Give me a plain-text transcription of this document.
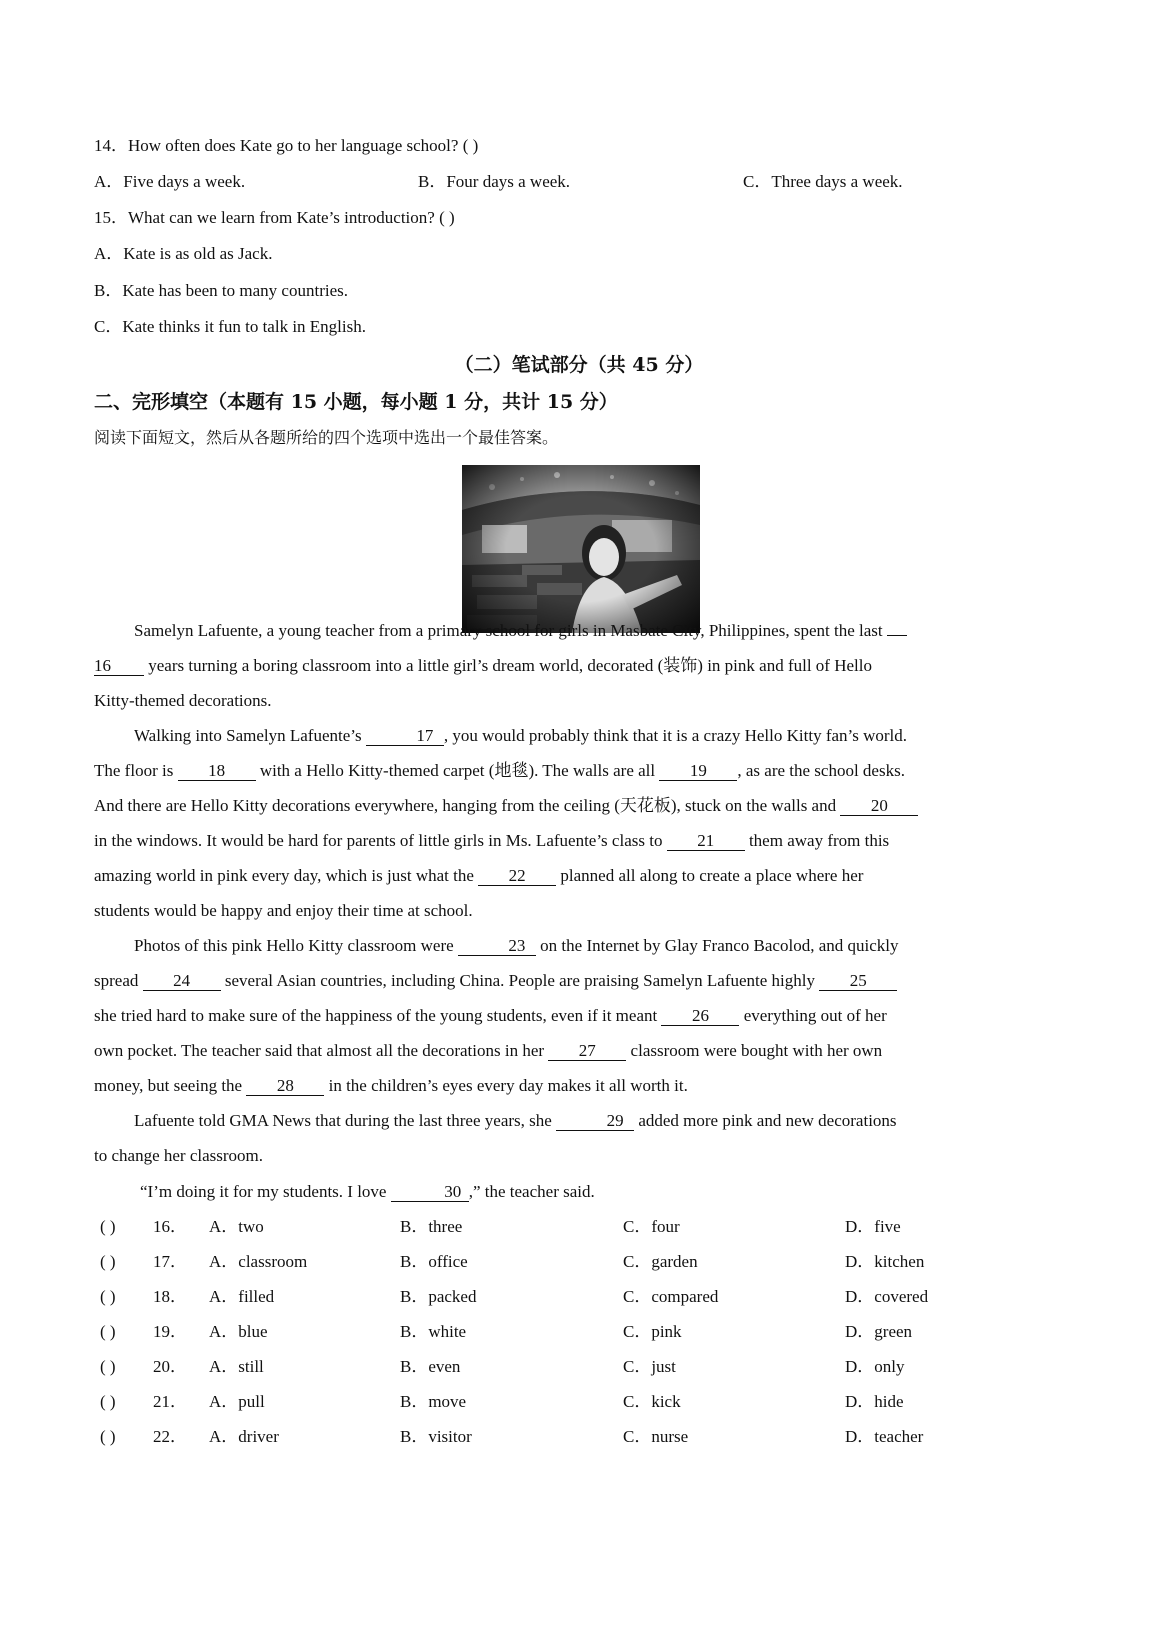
14．How often does Kate go to her language school? ( )
A．Five days a week.	B．Four days a week.	C．Three days a week.
15．What can we learn from Kate’s introduction? ( )
A．Kate is as old as Jack.
B．Kate has been to many countries.
C．Kate thinks it fun to talk in English.
（二）笔试部分（共 45 分）
二、完形填空（本题有 15 小题，每小题 1 分，共计 15 分）
阅读下面短文，然后从各题所给的四个选项中选出一个最佳答案。
Samelyn Lafuente, a young teacher from a primary school for girls in Masbate City, Philippines, spent the last
16 years turning a boring classroom into a little girl’s dream world, decorated (装饰) in pink and full of Hello
Kitty-themed decorations.
Walking into Samelyn Lafuente’s	17 , you would probably think that it is a crazy Hello Kitty fan’s world.
The floor is 18 with a Hello Kitty-themed carpet (地毯). The walls are all 19 , as are the school desks.
And there are Hello Kitty decorations everywhere, hanging from the ceiling (天花板), stuck on the walls and 20
in the windows. It would be hard for parents of little girls in Ms. Lafuente’s class to 21 them away from this
amazing world in pink every day, which is just what the 22 planned all along to create a place where her
students would be happy and enjoy their time at school.
Photos of this pink Hello Kitty classroom were	23 on the Internet by Glay Franco Bacolod, and quickly
spread 24 several Asian countries, including China. People are praising Samelyn Lafuente highly 25
she tried hard to make sure of the happiness of the young students, even if it meant 26 everything out of her
own pocket. The teacher said that almost all the decorations in her 27 classroom were bought with her own
money, but seeing the 28 in the children’s eyes every day makes it all worth it.
Lafuente told GMA News that during the last three years, she	29 added more pink and new decorations
to change her classroom.
“I’m doing it for my students. I love	30 ,” the teacher said.
( ) 16． A．two	B．three	C．four	D．five
( ) 17． A．classroom	B．office	C．garden	D．kitchen
( ) 18． A．filled	B．packed	C．compared	D．covered
( ) 19． A．blue	B．white	C．pink	D．green
( ) 20． A．still	B．even	C．just	D．only
( ) 21． A．pull	B．move	C．kick	D．hide
( ) 22． A．driver	B．visitor	C．nurse	D．teacher
